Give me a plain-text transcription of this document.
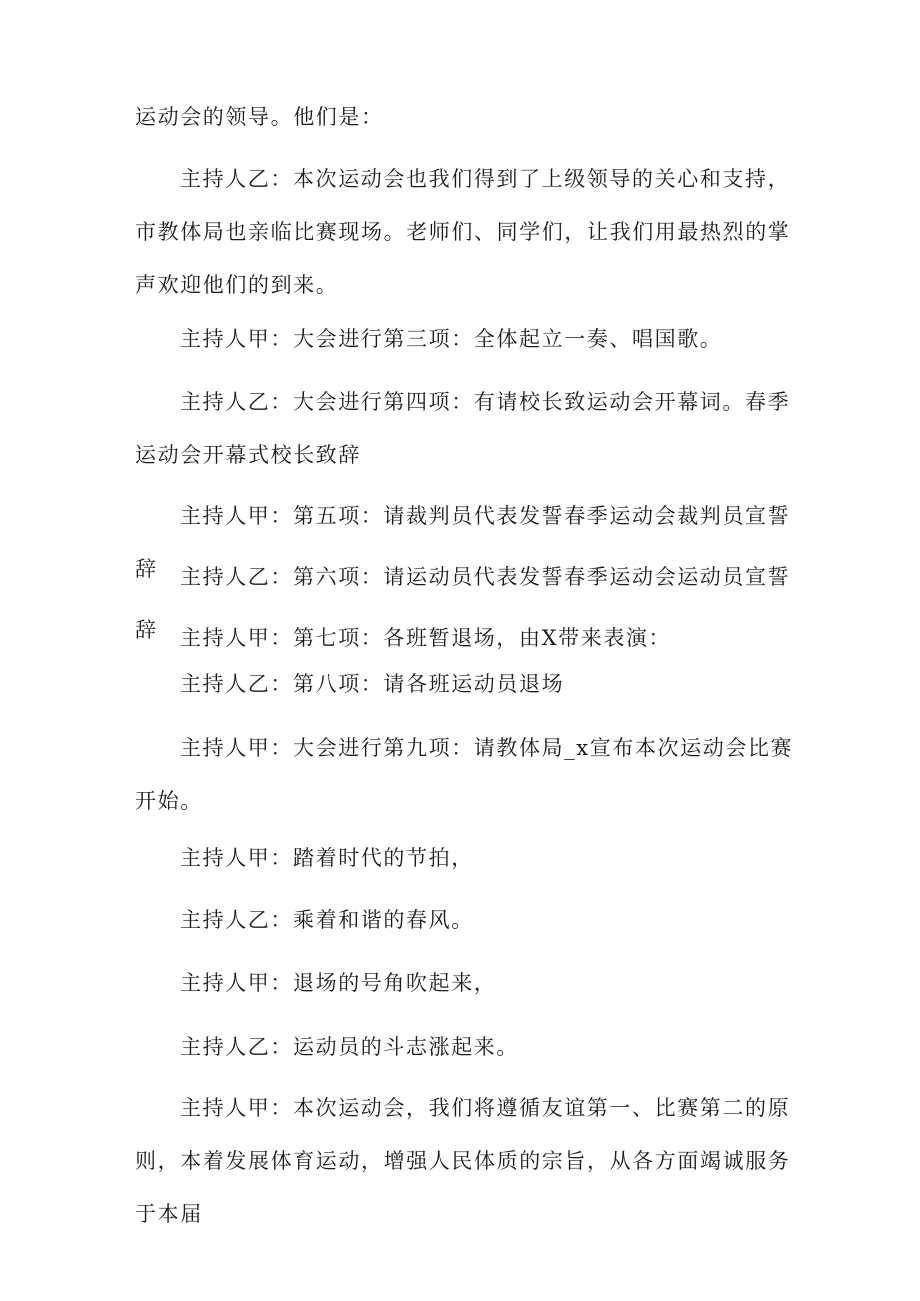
运动会的领导。他们是：

主持人乙：本次运动会也我们得到了上级领导的关心和支持，市教体局也亲临比赛现场。老师们、同学们，让我们用最热烈的掌声欢迎他们的到来。

主持人甲：大会进行第三项：全体起立一奏、唱国歌。

主持人乙：大会进行第四项：有请校长致运动会开幕词。春季运动会开幕式校长致辞

主持人甲：第五项：请裁判员代表发誓春季运动会裁判员宣誓辞	主持人乙：第六项：请运动员代表发誓春季运动会运动员宣誓辞	主持人甲：第七项：各班暂退场，由X带来表演：

主持人乙：第八项：请各班运动员退场

主持人甲：大会进行第九项：请教体局_x宣布本次运动会比赛开始。

主持人甲：踏着时代的节拍，

主持人乙：乘着和谐的春风。

主持人甲：退场的号角吹起来，

主持人乙：运动员的斗志涨起来。

主持人甲：本次运动会，我们将遵循友谊第一、比赛第二的原则，本着发展体育运动，增强人民体质的宗旨，从各方面竭诚服务于本届
